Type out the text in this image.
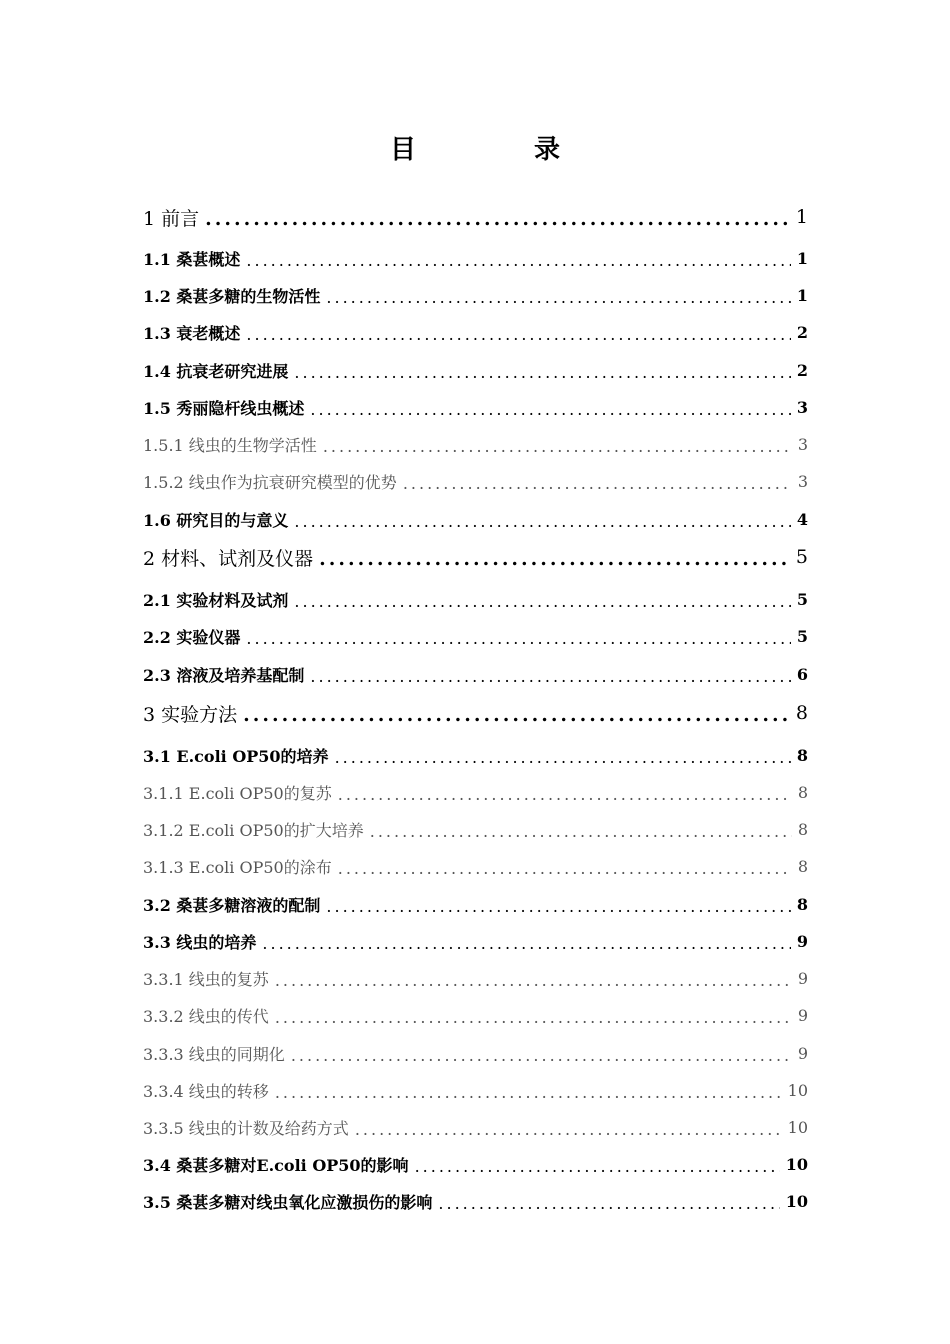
目　录
1 前言 .....	1
1.1 桑葚概述 .....	1
1.2 桑葚多糖的生物活性 .....	1
1.3 衰老概述 .....	2
1.4 抗衰老研究进展 .....	2
1.5 秀丽隐杆线虫概述 .....	3
1.5.1 线虫的生物学活性 .....	3
1.5.2 线虫作为抗衰研究模型的优势 .....	3
1.6 研究目的与意义 .....	4
2 材料、试剂及仪器 .....	5
2.1 实验材料及试剂 .....	5
2.2 实验仪器 .....	5
2.3 溶液及培养基配制 .....	6
3 实验方法 .....	8
3.1 E.coli OP50的培养 .....	8
3.1.1 E.coli OP50的复苏 .....	8
3.1.2 E.coli OP50的扩大培养 .....	8
3.1.3 E.coli OP50的涂布 .....	8
3.2 桑葚多糖溶液的配制 .....	8
3.3 线虫的培养 .....	9
3.3.1 线虫的复苏 .....	9
3.3.2 线虫的传代 .....	9
3.3.3 线虫的同期化 .....	9
3.3.4 线虫的转移 .....	10
3.3.5 线虫的计数及给药方式 .....	10
3.4 桑葚多糖对E.coli OP50的影响 .....	10
3.5 桑葚多糖对线虫氧化应激损伤的影响 .....	10
